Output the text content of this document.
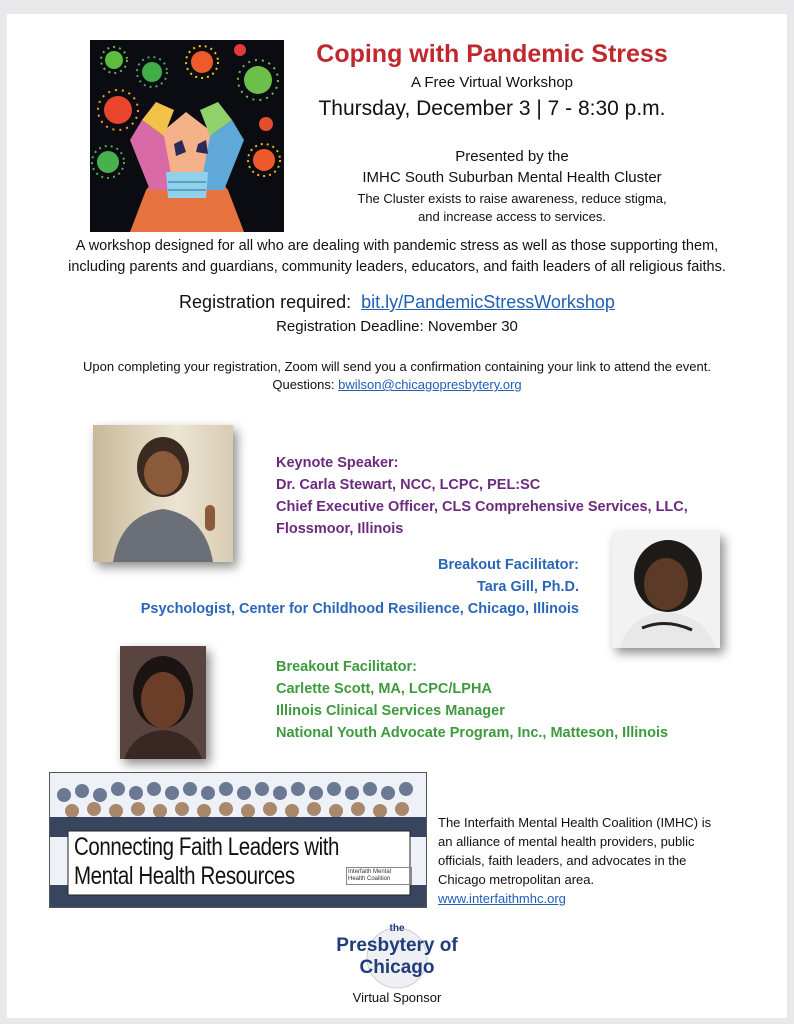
Coping with Pandemic Stress
A Free Virtual Workshop
Thursday, December 3 | 7 - 8:30 p.m.
Presented by the
IMHC South Suburban Mental Health Cluster
The Cluster exists to raise awareness, reduce stigma,
and increase access to services.
A workshop designed for all who are dealing with pandemic stress as well as those supporting them,
including parents and guardians, community leaders, educators, and faith leaders of all religious faiths.
Registration required: bit.ly/PandemicStressWorkshop
Registration Deadline: November 30
Upon completing your registration, Zoom will send you a confirmation containing your link to attend the event.
Questions: bwilson@chicagopresbytery.org
Keynote Speaker:
Dr. Carla Stewart, NCC, LCPC, PEL:SC
Chief Executive Officer, CLS Comprehensive Services, LLC,
Flossmoor, Illinois
Breakout Facilitator:
Tara Gill, Ph.D.
Psychologist, Center for Childhood Resilience, Chicago, Illinois
Breakout Facilitator:
Carlette Scott, MA, LCPC/LPHA
Illinois Clinical Services Manager
National Youth Advocate Program, Inc., Matteson, Illinois
Connecting Faith Leaders with
Mental Health Resources	Interfaith Mental Health Coalition
The Interfaith Mental Health Coalition (IMHC) is
an alliance of mental health providers, public
officials, faith leaders, and advocates in the
Chicago metropolitan area.
www.interfaithmhc.org
the
Presbytery of
Chicago
Virtual Sponsor
